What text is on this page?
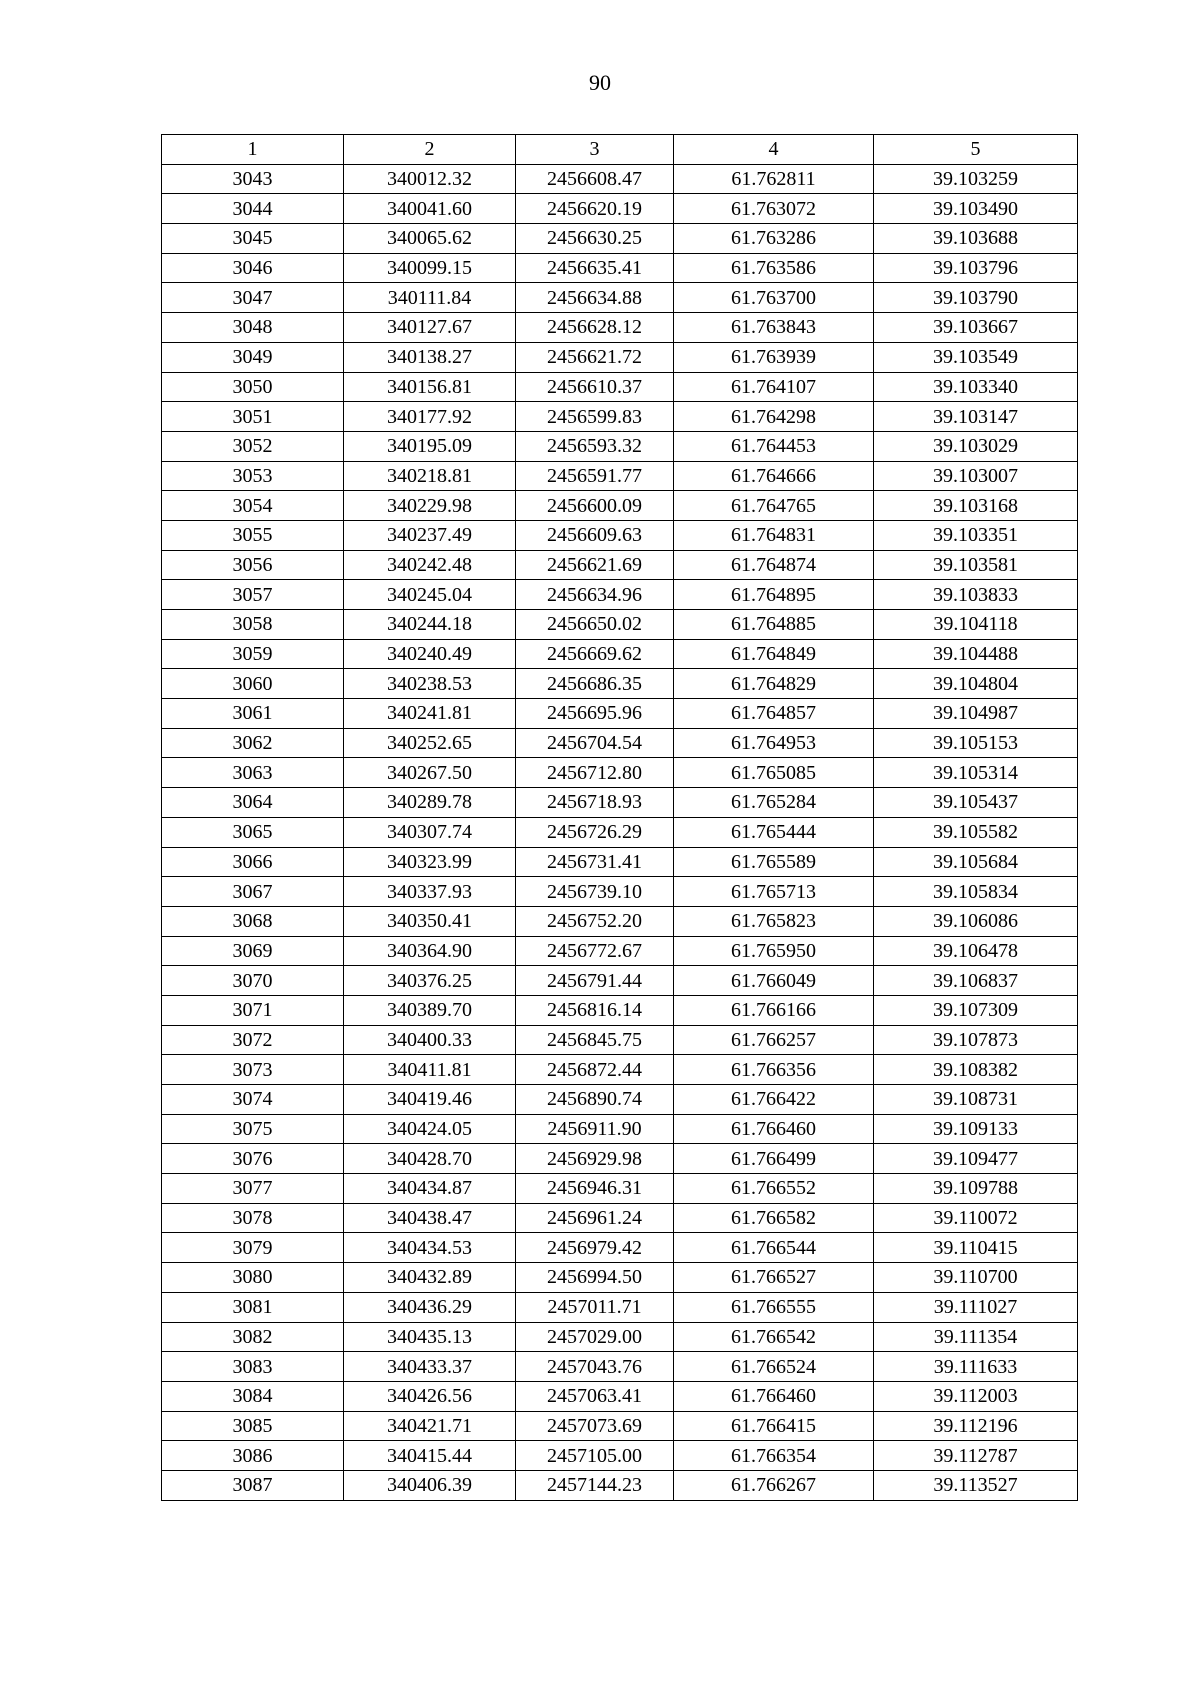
90
1	2	3	4	5
3043	340012.32	2456608.47	61.762811	39.103259
3044	340041.60	2456620.19	61.763072	39.103490
3045	340065.62	2456630.25	61.763286	39.103688
3046	340099.15	2456635.41	61.763586	39.103796
3047	340111.84	2456634.88	61.763700	39.103790
3048	340127.67	2456628.12	61.763843	39.103667
3049	340138.27	2456621.72	61.763939	39.103549
3050	340156.81	2456610.37	61.764107	39.103340
3051	340177.92	2456599.83	61.764298	39.103147
3052	340195.09	2456593.32	61.764453	39.103029
3053	340218.81	2456591.77	61.764666	39.103007
3054	340229.98	2456600.09	61.764765	39.103168
3055	340237.49	2456609.63	61.764831	39.103351
3056	340242.48	2456621.69	61.764874	39.103581
3057	340245.04	2456634.96	61.764895	39.103833
3058	340244.18	2456650.02	61.764885	39.104118
3059	340240.49	2456669.62	61.764849	39.104488
3060	340238.53	2456686.35	61.764829	39.104804
3061	340241.81	2456695.96	61.764857	39.104987
3062	340252.65	2456704.54	61.764953	39.105153
3063	340267.50	2456712.80	61.765085	39.105314
3064	340289.78	2456718.93	61.765284	39.105437
3065	340307.74	2456726.29	61.765444	39.105582
3066	340323.99	2456731.41	61.765589	39.105684
3067	340337.93	2456739.10	61.765713	39.105834
3068	340350.41	2456752.20	61.765823	39.106086
3069	340364.90	2456772.67	61.765950	39.106478
3070	340376.25	2456791.44	61.766049	39.106837
3071	340389.70	2456816.14	61.766166	39.107309
3072	340400.33	2456845.75	61.766257	39.107873
3073	340411.81	2456872.44	61.766356	39.108382
3074	340419.46	2456890.74	61.766422	39.108731
3075	340424.05	2456911.90	61.766460	39.109133
3076	340428.70	2456929.98	61.766499	39.109477
3077	340434.87	2456946.31	61.766552	39.109788
3078	340438.47	2456961.24	61.766582	39.110072
3079	340434.53	2456979.42	61.766544	39.110415
3080	340432.89	2456994.50	61.766527	39.110700
3081	340436.29	2457011.71	61.766555	39.111027
3082	340435.13	2457029.00	61.766542	39.111354
3083	340433.37	2457043.76	61.766524	39.111633
3084	340426.56	2457063.41	61.766460	39.112003
3085	340421.71	2457073.69	61.766415	39.112196
3086	340415.44	2457105.00	61.766354	39.112787
3087	340406.39	2457144.23	61.766267	39.113527
